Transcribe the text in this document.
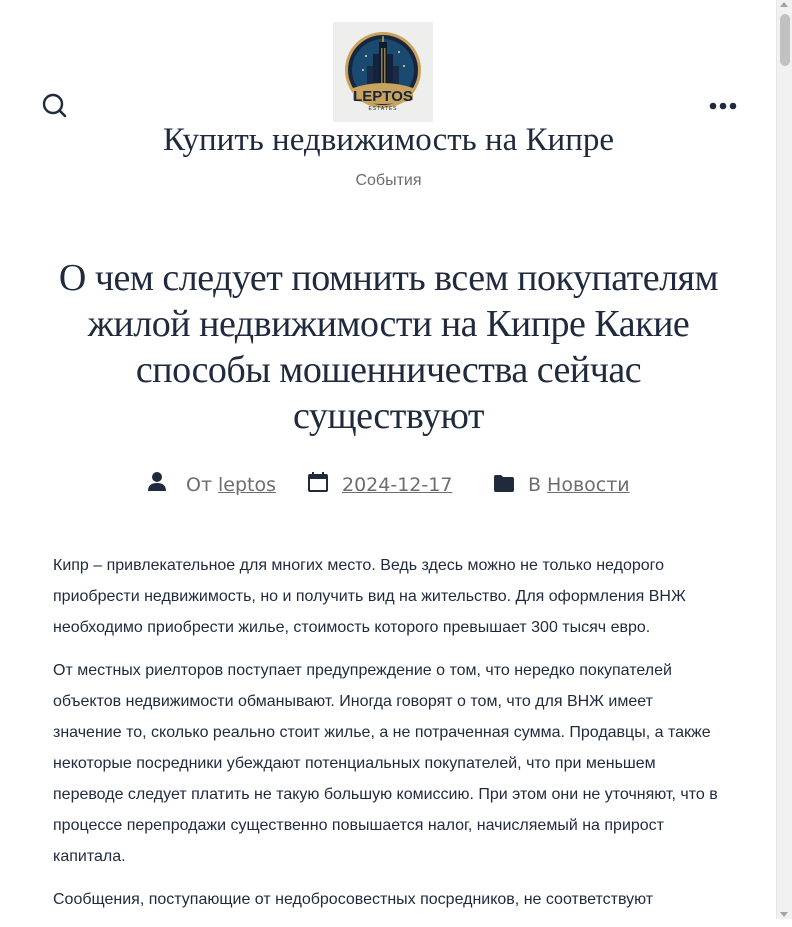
LEPTOS
ESTATES
Купить недвижимость на Кипре
События
О чем следует помнить всем покупателям жилой недвижимости на Кипре Какие способы мошенничества сейчас существуют
От leptos	2024-12-17	В Новости

Кипр – привлекательное для многих место. Ведь здесь можно не только недорого приобрести недвижимость, но и получить вид на жительство. Для оформления ВНЖ необходимо приобрести жилье, стоимость которого превышает 300 тысяч евро.

От местных риелторов поступает предупреждение о том, что нередко покупателей объектов недвижимости обманывают. Иногда говорят о том, что для ВНЖ имеет значение то, сколько реально стоит жилье, а не потраченная сумма. Продавцы, а также некоторые посредники убеждают потенциальных покупателей, что при меньшем переводе следует платить не такую большую комиссию. При этом они не уточняют, что в процессе перепродажи существенно повышается налог, начисляемый на прирост капитала.

Сообщения, поступающие от недобросовестных посредников, не соответствуют
